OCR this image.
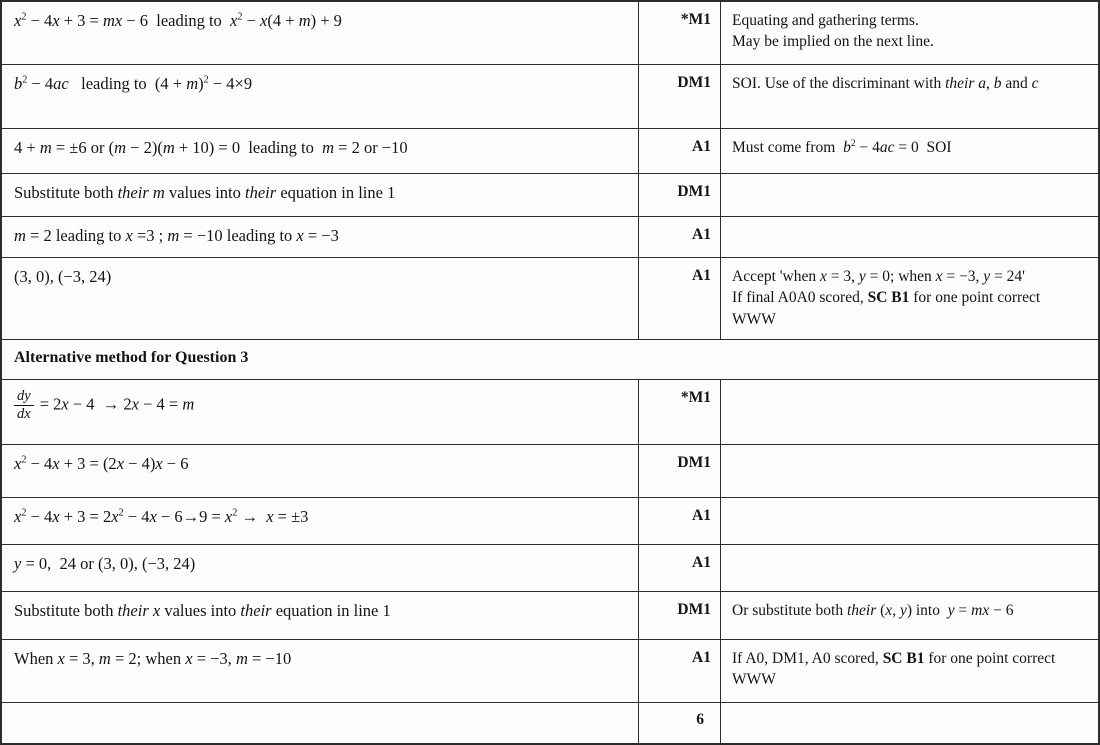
$x^2 - 4x + 3$ = mx − 6  leading to  $x^2 - x(4 + m) + 9$	*M1	Equating and gathering terms.
May be implied on the next line.
$b^2 - 4ac$   leading to  $(4 + m)^2 - 4\times 9$	DM1	SOI. Use of the discriminant with their a, b and c
4 + m = ±6 or (m − 2)(m + 10) = 0  leading to  m = 2 or −10	A1	Must come from  $b^2 - 4ac = 0$  SOI
Substitute both their m values into their equation in line 1	DM1
m = 2 leading to x =3 ; m = −10 leading to x = −3	A1
(3, 0), (−3, 24)	A1	Accept 'when x = 3, y = 0; when x = −3, y = 24'
If final A0A0 scored, SC B1 for one point correct WWW
Alternative method for Question 3
$\frac{dy}{dx} = 2x - 4 \to 2x - 4 = m$	*M1
$x^2 - 4x + 3 = (2x - 4)x - 6$	DM1
$x^2 - 4x + 3 = 2x^2 - 4x - 6\to 9 = x^2 \to x = \pm 3$	A1
y = 0,  24 or (3, 0), (−3, 24)	A1
Substitute both their x values into their equation in line 1	DM1	Or substitute both their (x, y) into  y = mx − 6
When x = 3, m = 2; when x = −3, m = −10	A1	If A0, DM1, A0 scored, SC B1 for one point correct WWW
6
